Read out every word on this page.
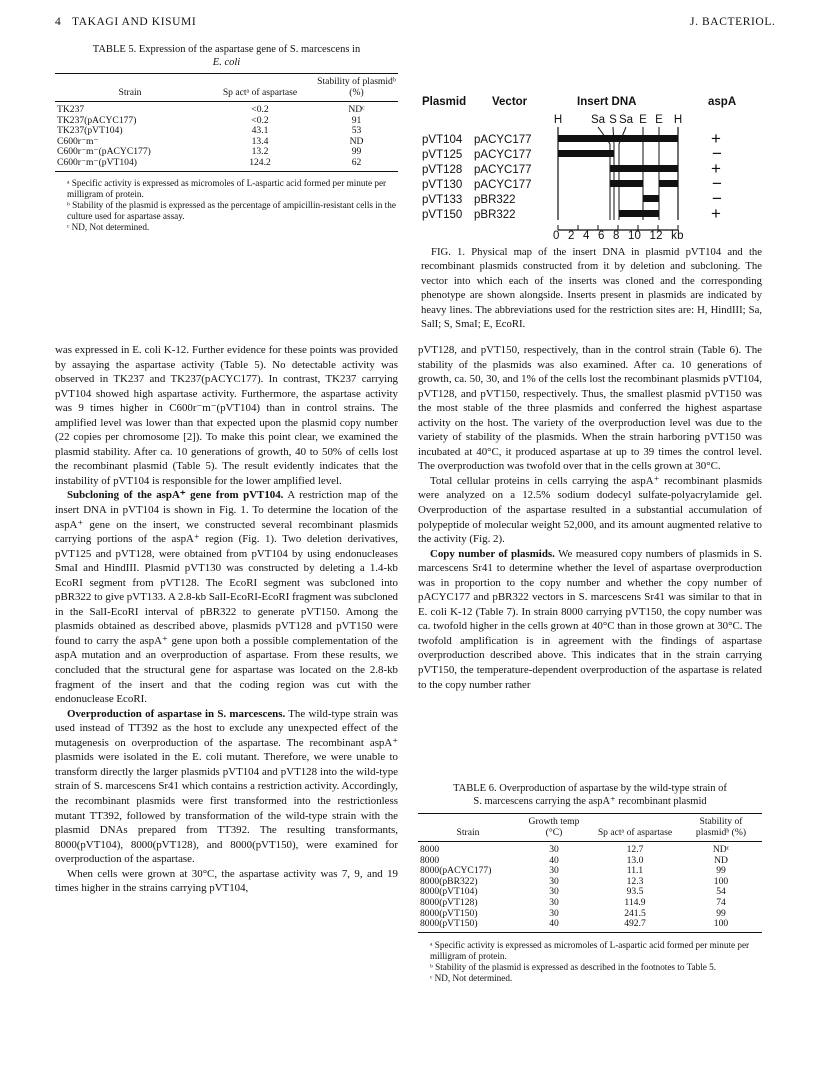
4 TAKAGI AND KISUMI	J. BACTERIOL.
TABLE 5. Expression of the aspartase gene of S. marcescens in
E. coli
Strain	Sp actᵃ of aspartase	Stability of plasmidᵇ (%)
TK237	<0.2	NDᶜ
TK237(pACYC177)	<0.2	91
TK237(pVT104)	43.1	53
C600r⁻m⁻	13.4	ND
C600r⁻m⁻(pACYC177)	13.2	99
C600r⁻m⁻(pVT104)	124.2	62
ᵃ Specific activity is expressed as micromoles of L-aspartic acid formed per minute per milligram of protein.
ᵇ Stability of the plasmid is expressed as the percentage of ampicillin-resistant cells in the culture used for aspartase assay.
ᶜ ND, Not determined.
Plasmid Vector	Insert DNA	aspA
H	Sa S Sa E E H
pVT104 pACYC177	+
pVT125 pACYC177	−
pVT128 pACYC177	+
pVT130 pACYC177	−
pVT133 pBR322	−
pVT150 pBR322	+
0 2 4 6 8 10 12 kb
FIG. 1. Physical map of the insert DNA in plasmid pVT104 and the recombinant plasmids constructed from it by deletion and subcloning. The vector into which each of the inserts was cloned and the corresponding phenotype are shown alongside. Inserts present in plasmids are indicated by heavy lines. The abbreviations used for the restriction sites are: H, HindIII; Sa, SalI; S, SmaI; E, EcoRI.

was expressed in E. coli K-12. Further evidence for these points was provided by assaying the aspartase activity (Table 5). No detectable activity was observed in TK237 and TK237(pACYC177). In contrast, TK237 carrying pVT104 showed high aspartase activity. Furthermore, the aspartase activity was 9 times higher in C600r⁻m⁻(pVT104) than in control strains. The amplified level was lower than that expected upon the plasmid copy number (22 copies per chromosome [2]). To make this point clear, we examined the plasmid stability. After ca. 10 generations of growth, 40 to 50% of cells lost the recombinant plasmid (Table 5). The result evidently indicates that the instability of pVT104 is responsible for the lower amplified level.

Subcloning of the aspA⁺ gene from pVT104. A restriction map of the insert DNA in pVT104 is shown in Fig. 1. To determine the location of the aspA⁺ gene on the insert, we constructed several recombinant plasmids carrying portions of the aspA⁺ region (Fig. 1). Two deletion derivatives, pVT125 and pVT128, were obtained from pVT104 by using endonucleases SmaI and HindIII. Plasmid pVT130 was constructed by deleting a 1.4-kb EcoRI segment from pVT128. The EcoRI segment was subcloned into pBR322 to give pVT133. A 2.8-kb SalI-EcoRI-EcoRI fragment was subcloned in the SalI-EcoRI interval of pBR322 to generate pVT150. Among the plasmids obtained as described above, plasmids pVT128 and pVT150 were found to carry the aspA⁺ gene upon both a possible complementation of the aspA mutation and an overproduction of aspartase. From these results, we concluded that the structural gene for aspartase was located on the 2.8-kb fragment of the insert and that the coding region was cut with the endonuclease EcoRI.

Overproduction of aspartase in S. marcescens. The wild-type strain was used instead of TT392 as the host to exclude any unexpected effect of the mutagenesis on overproduction of the aspartase. The recombinant aspA⁺ plasmids were isolated in the E. coli mutant. Therefore, we were unable to transform directly the larger plasmids pVT104 and pVT128 into the wild-type strain of S. marcescens Sr41 which contains a restriction activity. Accordingly, the recombinant plasmids were first transformed into the restrictionless mutant TT392, followed by transformation of the wild-type strain with the plasmid DNAs prepared from TT392. The resulting transformants, 8000(pVT104), 8000(pVT128), and 8000(pVT150), were examined for overproduction of the aspartase.

When cells were grown at 30°C, the aspartase activity was 7, 9, and 19 times higher in the strains carrying pVT104,

pVT128, and pVT150, respectively, than in the control strain (Table 6). The stability of the plasmids was also examined. After ca. 10 generations of growth, ca. 50, 30, and 1% of the cells lost the recombinant plasmids pVT104, pVT128, and pVT150, respectively. Thus, the smallest plasmid pVT150 was the most stable of the three plasmids and conferred the highest aspartase activity on the host. The variety of the overproduction level was due to the variety of stability of the plasmids. When the strain harboring pVT150 was incubated at 40°C, it produced aspartase at up to 39 times the control level. The overproduction was twofold over that in the cells grown at 30°C.

Total cellular proteins in cells carrying the aspA⁺ recombinant plasmids were analyzed on a 12.5% sodium dodecyl sulfate-polyacrylamide gel. Overproduction of the aspartase resulted in a substantial accumulation of polypeptide of molecular weight 52,000, and its amount augmented relative to the activity (Fig. 2).

Copy number of plasmids. We measured copy numbers of plasmids in S. marcescens Sr41 to determine whether the level of aspartase overproduction was in proportion to the copy number and whether the copy number of pACYC177 and pBR322 vectors in S. marcescens Sr41 was similar to that in E. coli K-12 (Table 7). In strain 8000 carrying pVT150, the copy number was ca. twofold higher in the cells grown at 40°C than in those grown at 30°C. The twofold amplification is in agreement with the findings of aspartase overproduction described above. This indicates that in the strain carrying pVT150, the temperature-dependent overproduction of the aspartase is related to the copy number rather

TABLE 6. Overproduction of aspartase by the wild-type strain of
S. marcescens carrying the aspA⁺ recombinant plasmid
Strain	Growth temp (°C)	Sp actᵃ of aspartase	Stability of plasmidᵇ (%)
8000	30	12.7	NDᶜ
8000	40	13.0	ND
8000(pACYC177)	30	11.1	99
8000(pBR322)	30	12.3	100
8000(pVT104)	30	93.5	54
8000(pVT128)	30	114.9	74
8000(pVT150)	30	241.5	99
8000(pVT150)	40	492.7	100
ᵃ Specific activity is expressed as micromoles of L-aspartic acid formed per minute per milligram of protein.
ᵇ Stability of the plasmid is expressed as described in the footnotes to Table 5.
ᶜ ND, Not determined.
